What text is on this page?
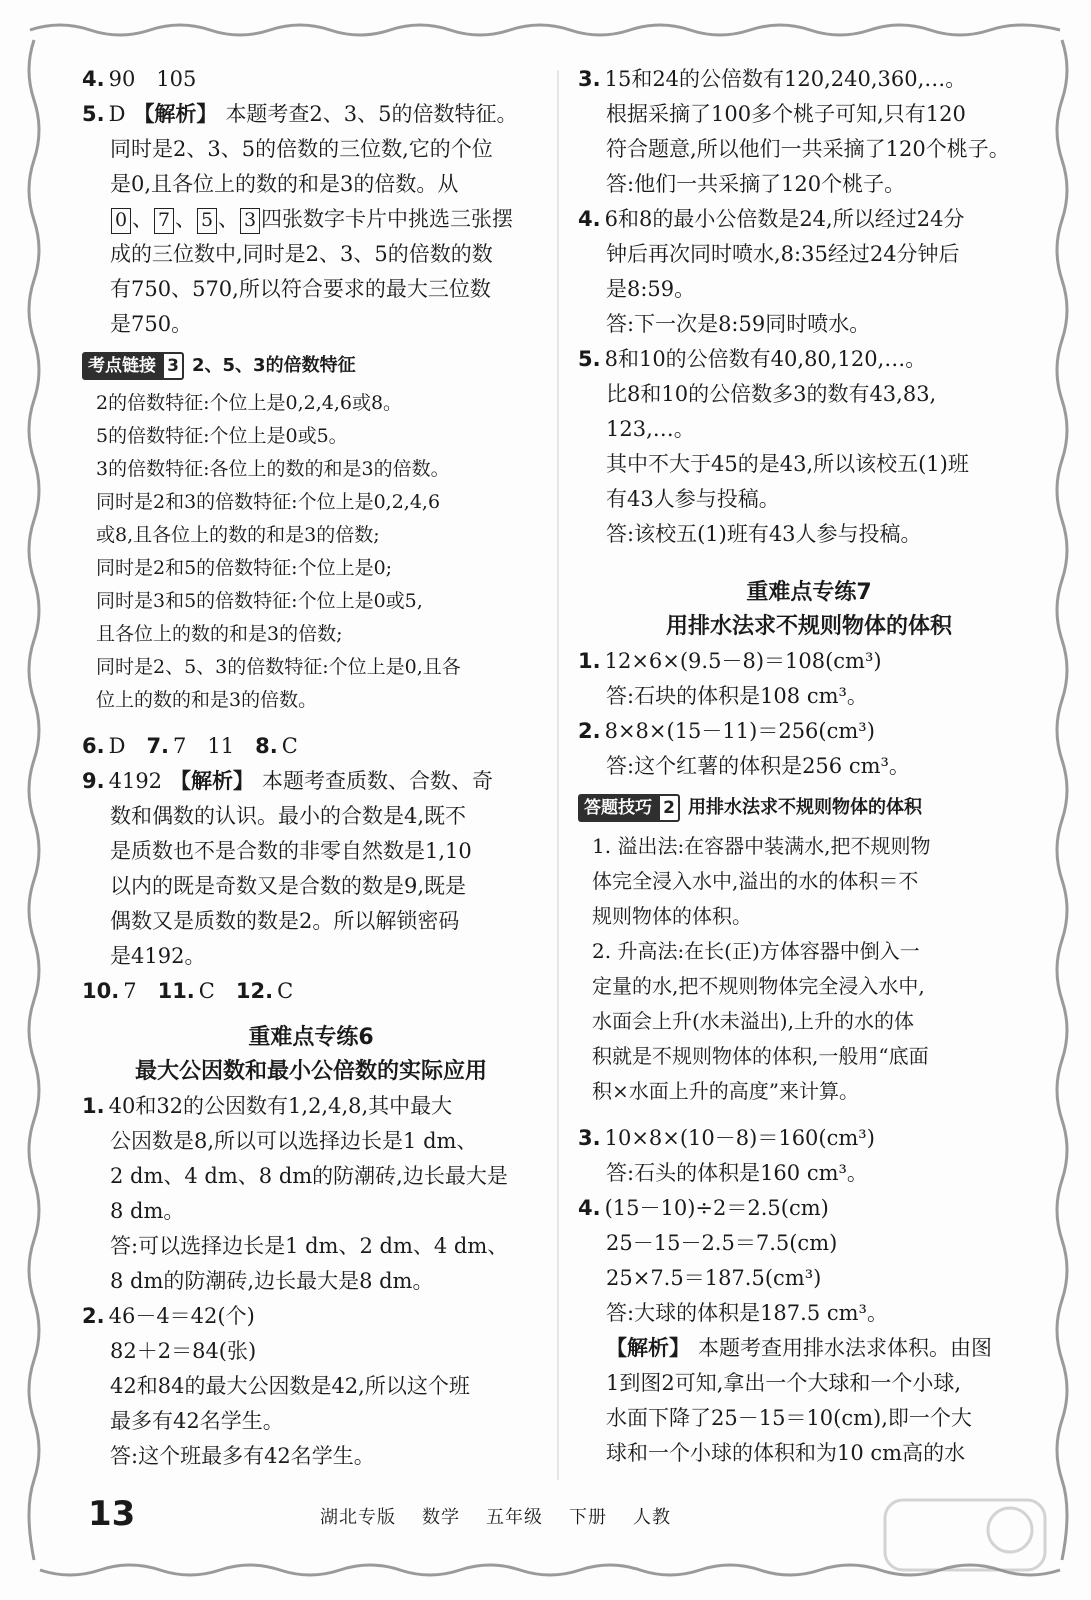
4. 90　105

5. D 【解析】 本题考查2、3、5的倍数特征。

同时是2、3、5的倍数的三位数,它的个位

是0,且各位上的数的和是3的倍数。从

0 、 7 、 5 、 3 四张数字卡片中挑选三张摆

成的三位数中,同时是2、3、5的倍数的数

有750、570,所以符合要求的最大三位数

是750。

考点链接 3 2、5、3的倍数特征
2的倍数特征:个位上是0,2,4,6或8。
5的倍数特征:个位上是0或5。
3的倍数特征:各位上的数的和是3的倍数。
同时是2和3的倍数特征:个位上是0,2,4,6
或8,且各位上的数的和是3的倍数;
同时是2和5的倍数特征:个位上是0;
同时是3和5的倍数特征:个位上是0或5,
且各位上的数的和是3的倍数;
同时是2、5、3的倍数特征:个位上是0,且各
位上的数的和是3的倍数。

6. D　 7. 7　11　 8. C

9. 4192 【解析】 本题考查质数、合数、奇

数和偶数的认识。最小的合数是4,既不

是质数也不是合数的非零自然数是1,10

以内的既是奇数又是合数的数是9,既是

偶数又是质数的数是2。所以解锁密码

是4192。

10. 7　 11. C　 12. C

重难点专练6
最大公因数和最小公倍数的实际应用

1. 40和32的公因数有1,2,4,8,其中最大

公因数是8,所以可以选择边长是1 dm、

2 dm、4 dm、8 dm的防潮砖,边长最大是

8 dm。

答:可以选择边长是1 dm、2 dm、4 dm、

8 dm的防潮砖,边长最大是8 dm。

2. 46－4＝42(个)

82＋2＝84(张)

42和84的最大公因数是42,所以这个班

最多有42名学生。

答:这个班最多有42名学生。

3. 15和24的公倍数有120,240,360,…。

根据采摘了100多个桃子可知,只有120

符合题意,所以他们一共采摘了120个桃子。

答:他们一共采摘了120个桃子。

4. 6和8的最小公倍数是24,所以经过24分

钟后再次同时喷水,8:35经过24分钟后

是8:59。

答:下一次是8:59同时喷水。

5. 8和10的公倍数有40,80,120,…。

比8和10的公倍数多3的数有43,83,

123,…。

其中不大于45的是43,所以该校五(1)班

有43人参与投稿。

答:该校五(1)班有43人参与投稿。

重难点专练7
用排水法求不规则物体的体积

1. 12×6×(9.5－8)＝108(cm³)

答:石块的体积是108 cm³。

2. 8×8×(15－11)＝256(cm³)

答:这个红薯的体积是256 cm³。

答题技巧 2 用排水法求不规则物体的体积
1. 溢出法:在容器中装满水,把不规则物
体完全浸入水中,溢出的水的体积＝不
规则物体的体积。
2. 升高法:在长(正)方体容器中倒入一
定量的水,把不规则物体完全浸入水中,
水面会上升(水未溢出),上升的水的体
积就是不规则物体的体积,一般用“底面
积×水面上升的高度”来计算。

3. 10×8×(10－8)＝160(cm³)

答:石头的体积是160 cm³。

4. (15－10)÷2＝2.5(cm)

25－15－2.5＝7.5(cm)

25×7.5＝187.5(cm³)

答:大球的体积是187.5 cm³。

【解析】 本题考查用排水法求体积。由图

1到图2可知,拿出一个大球和一个小球,

水面下降了25－15＝10(cm),即一个大

球和一个小球的体积和为10 cm高的水

13	湖北专版 数学 五年级 下册 人教
